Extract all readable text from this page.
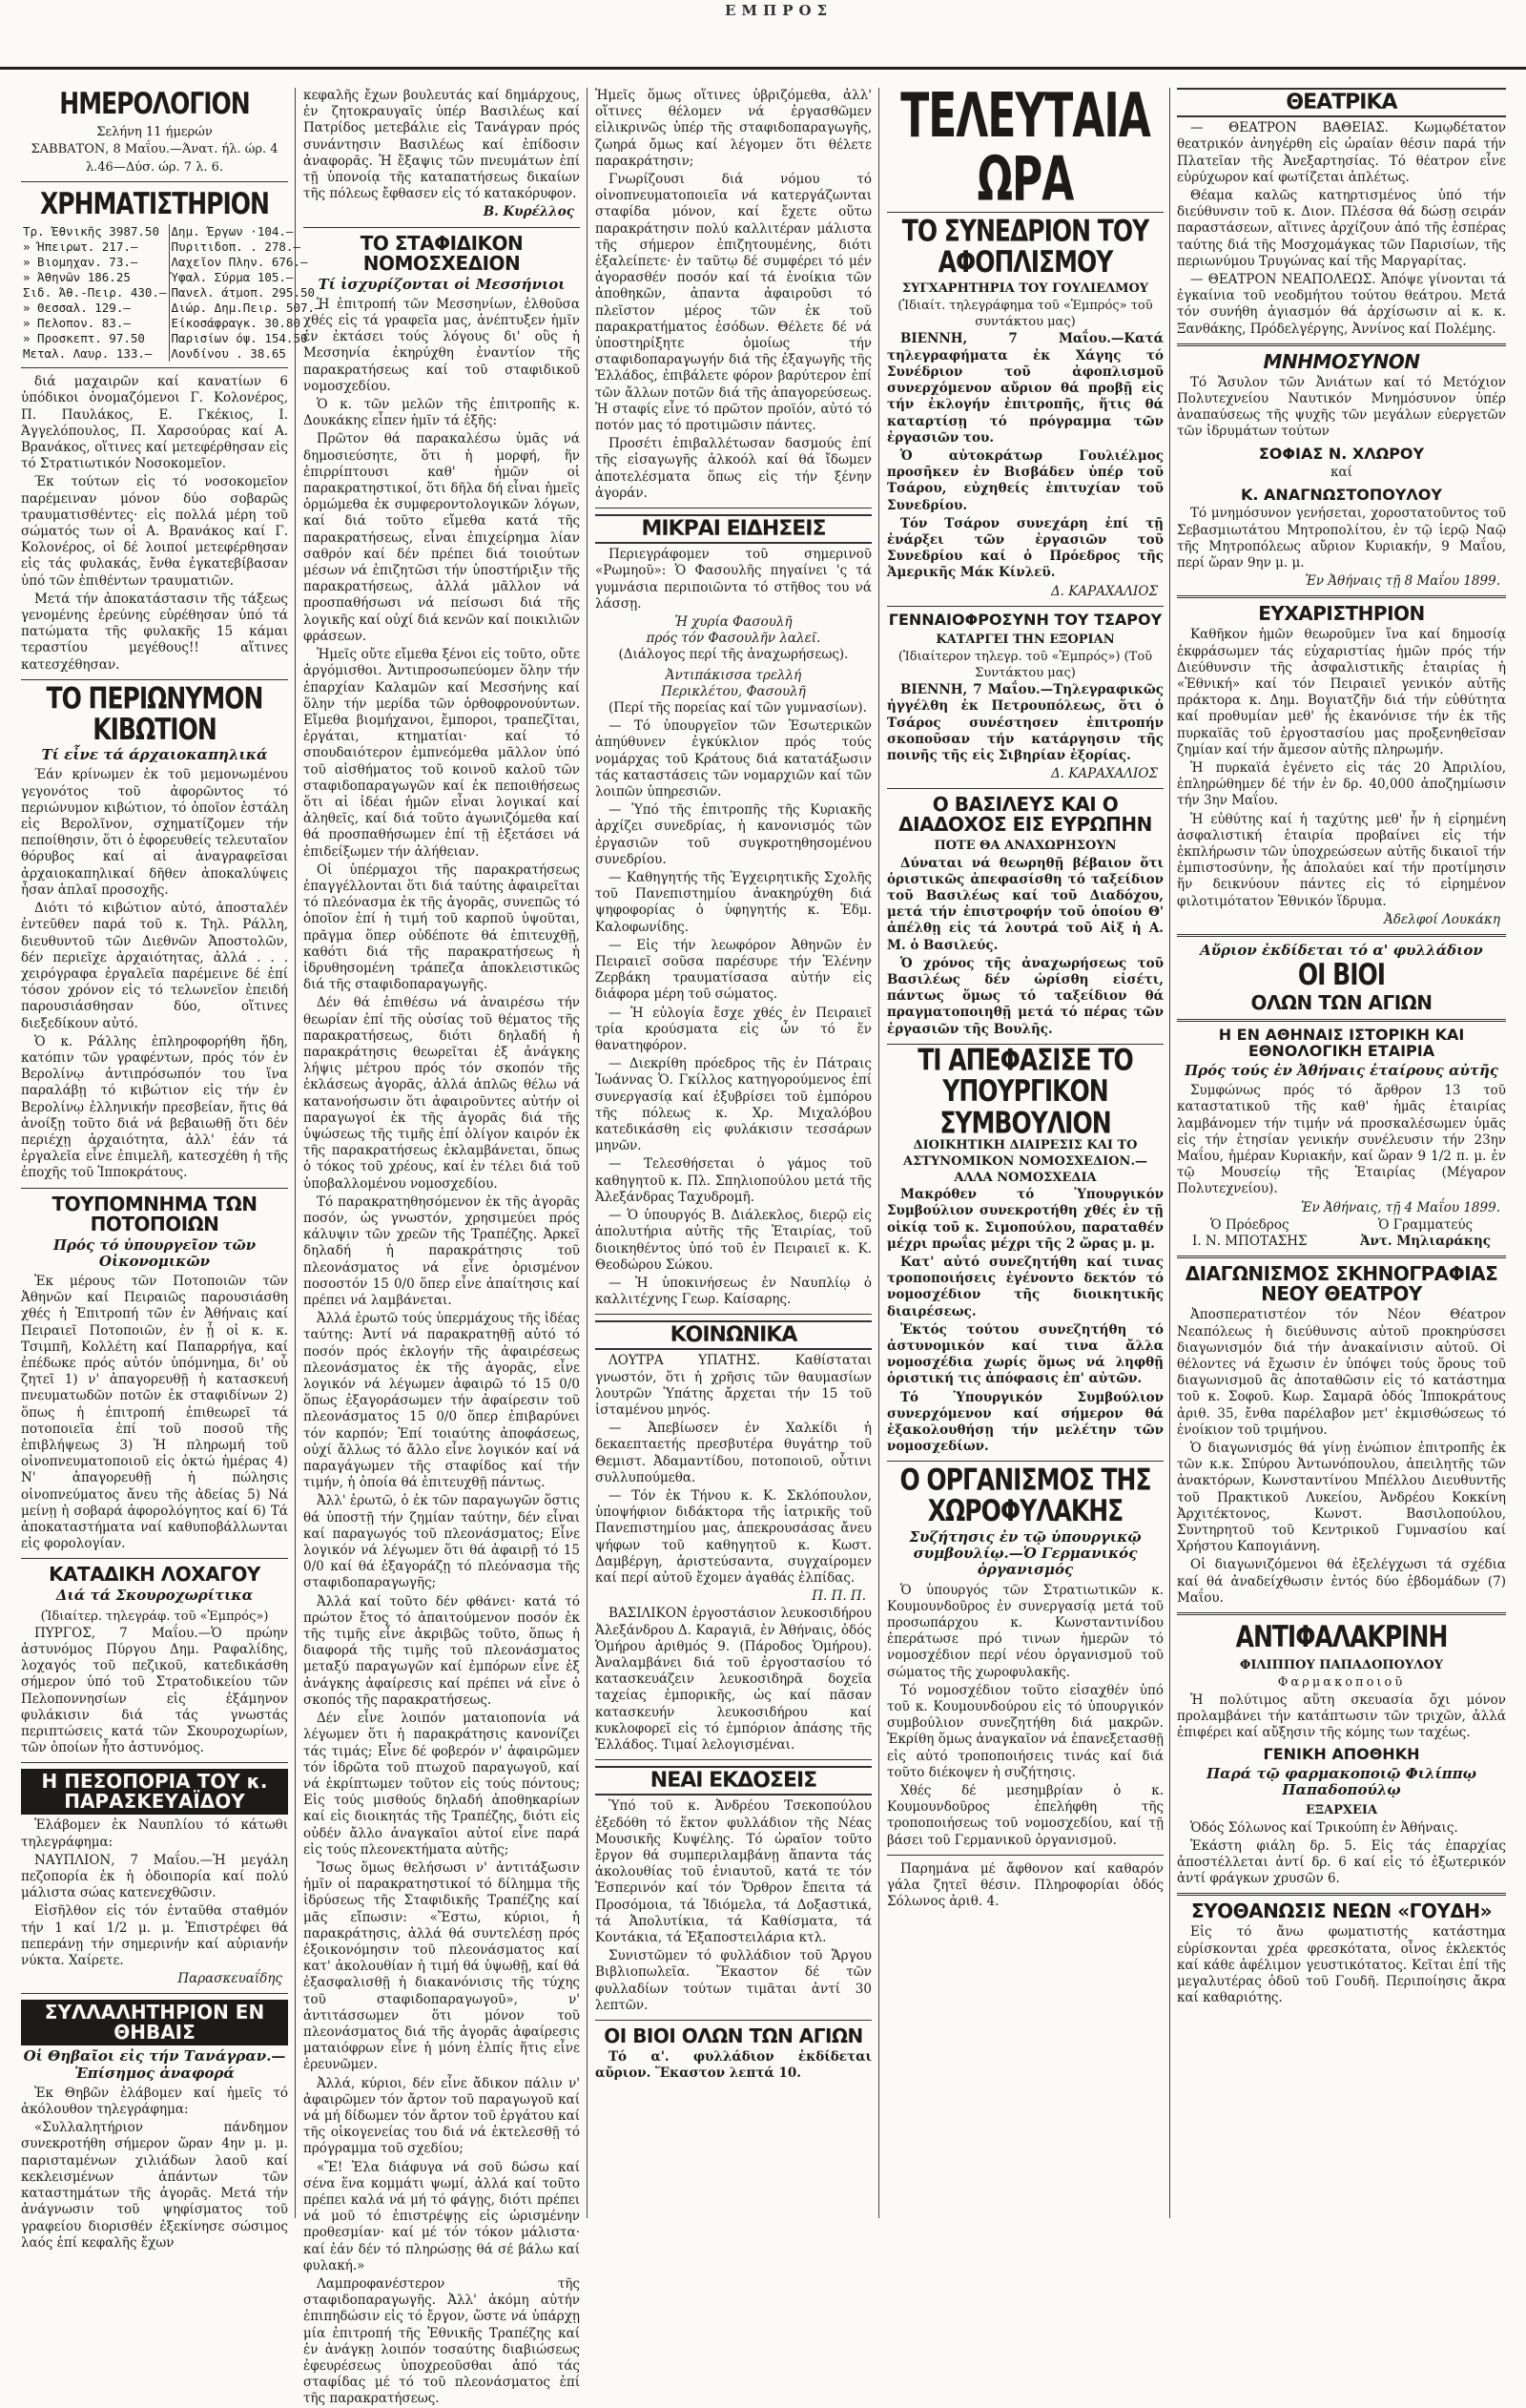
ΕΜΠΡΟΣ
ΗΜΕΡΟΛΟΓΙΟΝ
Σελήνη 11 ήμερών
ΣΑΒΒΑΤΟΝ, 8 Μαΐου.—Άνατ. ήλ. ώρ. 4
λ.46—Δύσ. ώρ. 7 λ. 6.
ΧΡΗΜΑΤΙΣΤΗΡΙΟΝ
Τρ. Έθνικῆς 3987.50	Δημ. Έργων ·104.—
» Ήπειρωτ. 217.—	Πυριτιδοπ. . 278.—
» Βιομηχαν. 73.—	Λαχεῖον Πλην. 676.—
» Άθηνῶν 186.25	Ύφαλ. Σύρμα 105.—
Σιδ. Άθ.-Πειρ. 430.—	Πανελ. άτμοπ. 295.50
» Θεσσαλ. 129.—	Διώρ. Δημ.Πειρ. 507.—
» Πελοπον. 83.—	Είκοσάφραγκ. 30.80
» Προσκεπτ. 97.50	Παρισίων όψ. 154.50
Μεταλ. Λαυρ. 133.—	Λονδίνου . 38.65

διά μαχαιρῶν καί κανατίων 6 ὑπόδικοι ὀνομαζόμενοι Γ. Κολονέρος, Π. Παυλάκος, Ε. Γκέκιος, Ι. Άγγελόπουλος, Π. Χαρσούρας καί Α. Βρανάκος, οἵτινες καί μετεφέρθησαν εἰς τό Στρατιωτικόν Νοσοκομεῖον.

Έκ τούτων εἰς τό νοσοκομεῖον παρέμειναν μόνον δύο σοβαρῶς τραυματισθέντες· εἰς πολλά μέρη τοῦ σώματός των οἱ Α. Βρανάκος καί Γ. Κολονέρος, οἱ δέ λοιποί μετεφέρθησαν εἰς τάς φυλακάς, ἔνθα ἐγκατεβίβασαν ὑπό τῶν ἐπιθέντων τραυματιῶν.

Μετά τήν ἀποκατάστασιν τῆς τάξεως γενομένης ἐρεύνης εὑρέθησαν ὑπό τά πατώματα τῆς φυλακῆς 15 κάμαι τεραστίου μεγέθους!! αἵτινες κατεσχέθησαν.

ΤΟ ΠΕΡΙΩΝΥΜΟΝ ΚΙΒΩΤΙΟΝ
Τί εἶνε τά άρχαιοκαπηλικά

Έάν κρίνωμεν ἐκ τοῦ μεμονωμένου γεγονότος τοῦ ἀφορῶντος τό περιώνυμον κιβώτιον, τό ὁποῖον ἐστάλη εἰς Βερολῖνον, σχηματίζομεν τήν πεποίθησιν, ὅτι ὁ ἐφορευθείς τελευταῖον θόρυβος καί αἱ ἀναγραφεῖσαι ἀρχαιοκαπηλικαί δῆθεν ἀποκαλύψεις ἦσαν ἁπλαῖ προσοχῆς.

Διότι τό κιβώτιον αὐτό, ἀποσταλέν ἐντεῦθεν παρά τοῦ κ. Τηλ. Ράλλη, διευθυντοῦ τῶν Διεθνῶν Ἀποστολῶν, δέν περιεῖχε ἀρχαιότητας, ἀλλά . . . χειρόγραφα ἐργαλεῖα παρέμεινε δέ ἐπί τόσον χρόνον εἰς τό τελωνεῖον ἐπειδή παρουσιάσθησαν δύο, οἵτινες διεξεδίκουν αὐτό.

Ὁ κ. Ράλλης ἐπληροφορήθη ἤδη, κατόπιν τῶν γραφέντων, πρός τόν ἐν Βερολίνῳ ἀντιπρόσωπόν του ἵνα παραλάβῃ τό κιβώτιον εἰς τήν ἐν Βερολίνῳ ἑλληνικήν πρεσβείαν, ἥτις θά ἀνοίξῃ τοῦτο διά νά βεβαιωθῇ ὅτι δέν περιέχῃ ἀρχαιότητα, ἀλλ' ἐάν τά ἐργαλεῖα εἶνε ἐπιμελῆ, κατεσχέθη ἡ τῆς ἐποχῆς τοῦ Ἱπποκράτους.

ΤΟΥΠΟΜΝΗΜΑ ΤΩΝ ΠΟΤΟΠΟΙΩΝ
Πρός τό ὑπουργεῖον τῶν Οἰκονομικῶν

Ἐκ μέρους τῶν Ποτοποιῶν τῶν Ἀθηνῶν καί Πειραιῶς παρουσιάσθη χθές ἡ Ἐπιτροπή τῶν ἐν Ἀθήναις καί Πειραιεῖ Ποτοποιῶν, ἐν ᾗ οἱ κ. κ. Τσιμπῆ, Κολλέτη καί Παπαρρήγα, καί ἐπέδωκε πρός αὐτόν ὑπόμνημα, δι' οὗ ζητεῖ 1) ν' ἀπαγορευθῇ ἡ κατασκευή πνευματωδῶν ποτῶν ἐκ σταφιδίνων 2) ὅπως ἡ ἐπιτροπή ἐπιθεωρεῖ τά ποτοποιεῖα ἐπί τοῦ ποσοῦ τῆς ἐπιβλήψεως 3) Ἡ πληρωμή τοῦ οἰνοπνευματοποιοῦ εἰς ὀκτώ ἡμέρας 4) Ν' ἀπαγορευθῇ ἡ πώλησις οἰνοπνεύματος ἄνευ τῆς ἀδείας 5) Νά μείνῃ ἡ σοβαρά ἀφορολόγητος καί 6) Τά ἀποκαταστήματα ναί καθυποβάλλωνται εἰς φορολογίαν.

ΚΑΤΑΔΙΚΗ ΛΟΧΑΓΟΥ
Διά τά Σκουροχωρίτικα
(Ἰδιαίτερ. τηλεγράφ. τοῦ «Ἐμπρός»)

ΠΥΡΓΟΣ, 7 Μαΐου.—Ὁ πρώην ἀστυνόμος Πύργου Δημ. Ραφαλίδης, λοχαγός τοῦ πεζικοῦ, κατεδικάσθη σήμερον ὑπό τοῦ Στρατοδικείου τῶν Πελοποννησίων εἰς ἐξάμηνον φυλάκισιν διά τάς γνωστάς περιπτώσεις κατά τῶν Σκουροχωρίων, τῶν ὁποίων ἧτο ἀστυνόμος.

Η ΠΕΣΟΠΟΡΙΑ ΤΟΥ κ. ΠΑΡΑΣΚΕΥΑΪΔΟΥ

Ἐλάβομεν ἐκ Ναυπλίου τό κάτωθι τηλεγράφημα:

ΝΑΥΠΛΙΟΝ, 7 Μαΐου.—Ἡ μεγάλη πεζοπορία ἐκ ἡ ὁδοιπορία καί πολύ μάλιστα σώας κατενεχθῶσιν.

Εἰσῆλθον εἰς τόν ἐνταῦθα σταθμόν τήν 1 καί 1/2 μ. μ. Ἐπιστρέφει θά πεπεράνῃ τήν σημερινήν καί αὐριανήν νύκτα. Χαίρετε.

Παρασκευαΐδης
ΣΥΛΛΑΛΗΤΗΡΙΟΝ ΕΝ ΘΗΒΑΙΣ
Οἱ Θηβαῖοι εἰς τήν Τανάγραν.—Ἐπίσημος ἀναφορά

Ἐκ Θηβῶν ἐλάβομεν καί ἡμεῖς τό ἀκόλουθον τηλεγράφημα:

«Συλλαλητήριον πάνδημον συνεκροτήθη σήμερον ὥραν 4ην μ. μ. παρισταμένων χιλιάδων λαοῦ καί κεκλεισμένων ἁπάντων τῶν καταστημάτων τῆς ἀγορᾶς. Μετά τήν ἀνάγνωσιν τοῦ ψηφίσματος τοῦ γραφείου διορισθέν ἐξεκίνησε σώσιμος λαός ἐπί κεφαλῆς ἔχων

κεφαλῆς ἔχων βουλευτάς καί δημάρχους, ἐν ζητοκραυγαῖς ὑπέρ Βασιλέως καί Πατρίδος μετεβάλιε εἰς Τανάγραν πρός συνάντησιν Βασιλέως καί ἐπίδοσιν ἀναφορᾶς. Ἡ ἔξαψις τῶν πνευμάτων ἐπί τῇ ὑπονοίᾳ τῆς καταπατήσεως δικαίων τῆς πόλεως ἔφθασεν εἰς τό κατακόρυφον.

Β. Κυρέλλος
ΤΟ ΣΤΑΦΙΔΙΚΟΝ ΝΟΜΟΣΧΕΔΙΟΝ
Τί ἰσχυρίζονται οἱ Μεσσήνιοι

Ἡ ἐπιτροπή τῶν Μεσσηνίων, ἐλθοῦσα χθές εἰς τά γραφεῖα μας, ἀνέπτυξεν ἡμῖν ἐν ἐκτάσει τούς λόγους δι' οὓς ἡ Μεσσηνία ἐκηρύχθη ἐναντίον τῆς παρακρατήσεως καί τοῦ σταφιδικοῦ νομοσχεδίου.

Ὁ κ. τῶν μελῶν τῆς ἐπιτροπῆς κ. Δουκάκης εἶπεν ἡμῖν τά ἑξῆς:

Πρῶτον θά παρακαλέσω ὑμᾶς νά δημοσιεύσητε, ὅτι ἡ μορφή, ἥν ἐπιρρίπτουσι καθ' ἡμῶν οἱ παρακρατηστικοί, ὅτι δῆλα δή εἶναι ἡμεῖς ὁρμώμεθα ἐκ συμφεροντολογικῶν λόγων, καί διά τοῦτο εἴμεθα κατά τῆς παρακρατήσεως, εἶναι ἐπιχείρημα λίαν σαθρόν καί δέν πρέπει διά τοιούτων μέσων νά ἐπιζητῶσι τήν ὑποστήριξιν τῆς παρακρατήσεως, ἀλλά μᾶλλον νά προσπαθήσωσι νά πείσωσι διά τῆς λογικῆς καί οὐχί διά κενῶν καί ποικιλιῶν φράσεων.

Ἡμεῖς οὔτε εἴμεθα ξένοι εἰς τοῦτο, οὔτε ἀργόμισθοι. Ἀντιπροσωπεύομεν ὅλην τήν ἐπαρχίαν Καλαμῶν καί Μεσσήνης καί ὅλην τήν μερίδα τῶν ὀρθοφρονούντων. Εἴμεθα βιομήχανοι, ἔμποροι, τραπεζῖται, ἐργάται, κτηματίαι· καί τό σπουδαιότερον ἐμπνεόμεθα μᾶλλον ὑπό τοῦ αἰσθήματος τοῦ κοινοῦ καλοῦ τῶν σταφιδοπαραγωγῶν καί ἐκ πεποιθήσεως ὅτι αἱ ἰδέαι ἡμῶν εἶναι λογικαί καί ἀληθεῖς, καί διά τοῦτο ἀγωνιζόμεθα καί θά προσπαθήσωμεν ἐπί τῇ ἐξετάσει νά ἐπιδείξωμεν τήν ἀλήθειαν.

Οἱ ὑπέρμαχοι τῆς παρακρατήσεως ἐπαγγέλλονται ὅτι διά ταύτης ἀφαιρεῖται τό πλεόνασμα ἐκ τῆς ἀγορᾶς, συνεπῶς τό ὁποῖον ἐπί ἡ τιμή τοῦ καρποῦ ὑψοῦται, πρᾶγμα ὅπερ οὐδέποτε θά ἐπιτευχθῇ, καθότι διά τῆς παρακρατήσεως ἡ ἱδρυθησομένη τράπεζα ἀποκλειστικῶς διά τῆς σταφιδοπαραγωγῆς.

Δέν θά ἐπιθέσω νά ἀναιρέσω τήν θεωρίαν ἐπί τῆς οὐσίας τοῦ θέματος τῆς παρακρατήσεως, διότι δηλαδή ἡ παρακράτησις θεωρεῖται ἐξ ἀνάγκης λήψις μέτρου πρός τόν σκοπόν τῆς ἐκλάσεως ἀγορᾶς, ἀλλά ἁπλῶς θέλω νά κατανοήσωσιν ὅτι ἀφαιροῦντες αὐτήν οἱ παραγωγοί ἐκ τῆς ἀγορᾶς διά τῆς ὑψώσεως τῆς τιμῆς ἐπί ὀλίγον καιρόν ἐκ τῆς παρακρατήσεως ἐκλαμβάνεται, ὅπως ὁ τόκος τοῦ χρέους, καί ἐν τέλει διά τοῦ ὑποβαλλομένου νομοσχεδίου.

Τό παρακρατηθησόμενον ἐκ τῆς ἀγορᾶς ποσόν, ὡς γνωστόν, χρησιμεύει πρός κάλυψιν τῶν χρεῶν τῆς Τραπέζης. Ἀρκεῖ δηλαδή ἡ παρακράτησις τοῦ πλεονάσματος νά εἶνε ὁρισμένον ποσοστόν 15 0/0 ὅπερ εἶνε ἀπαίτησις καί πρέπει νά λαμβάνεται.

Ἀλλά ἐρωτῶ τούς ὑπερμάχους τῆς ἰδέας ταύτης: Ἀντί νά παρακρατηθῇ αὐτό τό ποσόν πρός ἐκλογήν τῆς ἀφαιρέσεως πλεονάσματος ἐκ τῆς ἀγορᾶς, εἶνε λογικόν νά λέγωμεν ἀφαιρῶ τό 15 0/0 ὅπως ἐξαγοράσωμεν τήν ἀφαίρεσιν τοῦ πλεονάσματος 15 0/0 ὅπερ ἐπιβαρύνει τόν καρπόν; Ἐπί τοιαύτης ἀποφάσεως, οὐχί ἄλλως τό ἄλλο εἶνε λογικόν καί νά παραγάγωμεν τῆς σταφίδος καί τήν τιμήν, ἡ ὁποία θά ἐπιτευχθῇ πάντως.

Ἀλλ' ἐρωτῶ, ὁ ἐκ τῶν παραγωγῶν ὅστις θά ὑποστῇ τήν ζημίαν ταύτην, δέν εἶναι καί παραγωγός τοῦ πλεονάσματος; Εἶνε λογικόν νά λέγωμεν ὅτι θά ἀφαιρῇ τό 15 0/0 καί θά ἐξαγοράζῃ τό πλεόνασμα τῆς σταφιδοπαραγωγῆς;

Ἀλλά καί τοῦτο δέν φθάνει· κατά τό πρώτον ἔτος τό ἀπαιτούμενον ποσόν ἐκ τῆς τιμῆς εἶνε ἀκριβῶς τοῦτο, ὅπως ἡ διαφορά τῆς τιμῆς τοῦ πλεονάσματος μεταξύ παραγωγῶν καί ἐμπόρων εἶνε ἐξ ἀνάγκης ἀφαίρεσις καί πρέπει νά εἶνε ὁ σκοπός τῆς παρακρατήσεως.

Δέν εἶνε λοιπόν ματαιοπονία νά λέγωμεν ὅτι ἡ παρακράτησις κανονίζει τάς τιμάς; Εἶνε δέ φοβερόν ν' ἀφαιρῶμεν τόν ἱδρῶτα τοῦ πτωχοῦ παραγωγοῦ, καί νά ἐκρίπτωμεν τοῦτον εἰς τούς πόντους; Εἰς τούς μισθούς δηλαδή ἀποθηκαρίων καί εἰς διοικητάς τῆς Τραπέζης, διότι εἰς οὐδέν ἄλλο ἀναγκαῖοι αὐτοί εἶνε παρά εἰς τούς πλεονεκτήματα αὐτῆς;

Ἴσως ὅμως θελήσωσι ν' ἀντιτάξωσιν ἡμῖν οἱ παρακρατηστικοί τό δίλημμα τῆς ἱδρύσεως τῆς Σταφιδικῆς Τραπέζης καί μᾶς εἴπωσιν: «Ἔστω, κύριοι, ἡ παρακράτησις, ἀλλά θά συντελέσῃ πρός ἐξοικονόμησιν τοῦ πλεονάσματος καί κατ' ἀκολουθίαν ἡ τιμή θά ὑψωθῇ, καί θά ἐξασφαλισθῇ ἡ διακανόνισις τῆς τύχης τοῦ σταφιδοπαραγωγοῦ», ν' ἀντιτάσσωμεν ὅτι μόνον τοῦ πλεονάσματος διά τῆς ἀγορᾶς ἀφαίρεσις ματαιόφρων εἶνε ἡ μόνη ἐλπίς ἥτις εἶνε ἐρευνῶμεν.

Ἀλλά, κύριοι, δέν εἶνε ἄδικον πάλιν ν' ἀφαιρῶμεν τόν ἄρτον τοῦ παραγωγοῦ καί νά μή δίδωμεν τόν ἄρτον τοῦ ἐργάτου καί τῆς οἰκογενείας του διά νά ἐκτελεσθῇ τό πρόγραμμα τοῦ σχεδίου;

«Ἔ! Ἐλα διάφυγα νά σοῦ δώσω καί σένα ἕνα κομμάτι ψωμί, ἀλλά καί τοῦτο πρέπει καλά νά μή τό φάγῃς, διότι πρέπει νά μοῦ τό ἐπιστρέψῃς εἰς ὡρισμένην προθεσμίαν· καί μέ τόν τόκον μάλιστα· καί ἐάν δέν τό πληρώσῃς θά σέ βάλω καί φυλακή.»

Λαμπροφανέστερον τῆς σταφιδοπαραγωγῆς. Ἀλλ' ἀκόμη αὐτήν ἐπιπηδώσιν εἰς τό ἔργον, ὥστε νά ὑπάρχῃ μία ἐπιτροπή τῆς Ἐθνικῆς Τραπέζης καί ἐν ἀνάγκῃ λοιπόν τοσαύτης διαβιώσεως ἐφευρέσεως ὑποχρεοῦσθαι ἀπό τάς σταφίδας μέ τό τοῦ πλεονάσματος ἐπί τῆς παρακρατήσεως.

Ἡμεῖς ὅμως οἵτινες ὑβριζόμεθα, ἀλλ' οἵτινες θέλομεν νά ἐργασθῶμεν εἰλικρινῶς ὑπέρ τῆς σταφιδοπαραγωγῆς, ζωηρά ὄμως καί λέγομεν ὅτι θέλετε παρακράτησιν;

Γνωρίζουσι διά νόμου τό οἰνοπνευματοποιεῖα νά κατεργάζωνται σταφίδα μόνον, καί ἔχετε οὕτω παρακράτησιν πολύ καλλιτέραν μάλιστα τῆς σήμερον ἐπιζητουμένης, διότι ἐξαλείπετε· ἐν ταῦτῳ δέ συμφέρει τό μέν ἀγορασθέν ποσόν καί τά ἐνοίκια τῶν ἀποθηκῶν, ἀπαντα ἀφαιροῦσι τό πλεῖστον μέρος τῶν ἐκ τοῦ παρακρατήματος ἐσόδων. Θέλετε δέ νά ὑποστηρίξητε ὁμοίως τήν σταφιδοπαραγωγήν διά τῆς ἐξαγωγῆς τῆς Ἑλλάδος, ἐπιβάλετε φόρον βαρύτερον ἐπί τῶν ἄλλων ποτῶν διά τῆς ἀπαγορεύσεως. Ἡ σταφίς εἶνε τό πρῶτον προϊόν, αὐτό τό ποτόν μας τό προτιμῶσιν πάντες.

Προσέτι ἐπιβαλλέτωσαν δασμούς ἐπί τῆς εἰσαγωγῆς ἀλκοόλ καί θά ἴδωμεν ἀποτελέσματα ὅπως εἰς τήν ξένην ἀγοράν.

ΜΙΚΡΑΙ ΕΙΔΗΣΕΙΣ

Περιεγράφομεν τοῦ σημερινοῦ «Ρωμηοῦ»: Ὁ Φασουλῆς πηγαίνει 'ς τά γυμνάσια περιποιῶντα τό στῆθος του νά λάσσῃ.

Ἡ χυρία Φασουλῆ
πρός τόν Φασουλῆν λαλεῖ.
(Διάλογος περί τῆς ἀναχωρήσεως).
Ἀντιπάκισσα τρελλή
Περικλέτου, Φασουλῆ

(Περί τῆς πορείας καί τῶν γυμνασίων).

— Τό ὑπουργεῖον τῶν Ἐσωτερικῶν ἀπηύθυνεν ἐγκύκλιον πρός τούς νομάρχας τοῦ Κράτους διά κατατάξωσιν τάς καταστάσεις τῶν νομαρχιῶν καί τῶν λοιπῶν ὑπηρεσιῶν.

— Ὑπό τῆς ἐπιτροπῆς τῆς Κυριακῆς ἀρχίζει συνεδρίας, ἡ κανονισμός τῶν ἐργασιῶν τοῦ συγκροτηθησομένου συνεδρίου.

— Καθηγητής τῆς Ἐγχειρητικῆς Σχολῆς τοῦ Πανεπιστημίου ἀνακηρύχθη διά ψηφοφορίας ὁ ὑφηγητής κ. Ἐδμ. Καλοφωνίδης.

— Εἰς τήν λεωφόρον Ἀθηνῶν ἐν Πειραιεῖ σοῦσα παρέσυρε τήν Ἑλένην Ζερβάκη τραυματίσασα αὐτήν εἰς διάφορα μέρη τοῦ σώματος.

— Ἡ εὐλογία ἔσχε χθές ἐν Πειραιεῖ τρία κρούσματα εἰς ὧν τό ἕν θανατηφόρον.

— Διεκρίθη πρόεδρος τῆς ἐν Πάτραις Ἰωάννας Ὁ. Γκίλλος κατηγορούμενος ἐπί συνεργασίᾳ καί ἐξυβρίσει τοῦ ἐμπόρου τῆς πόλεως κ. Χρ. Μιχαλόβου κατεδικάσθη εἰς φυλάκισιν τεσσάρων μηνῶν.

— Τελεσθήσεται ὁ γάμος τοῦ καθηγητοῦ κ. Πλ. Σπηλιοπούλου μετά τῆς Ἀλεξάνδρας Ταχυδρομῆ.

— Ὁ ὑπουργός Β. Διάλεκλος, διερῷ εἰς ἀπολυτήρια αὐτῆς τῆς Ἐταιρίας, τοῦ διοικηθέντος ὑπό τοῦ ἐν Πειραιεῖ κ. Κ. Θεοδώρου Σώκου.

— Ἡ ὑποκινήσεως ἐν Ναυπλίῳ ὁ καλλιτέχνης Γεωρ. Καίσαρης.

ΚΟΙΝΩΝΙΚΑ

ΛΟΥΤΡΑ ΥΠΑΤΗΣ. Καθίσταται γνωστόν, ὅτι ἡ χρῆσις τῶν θαυμασίων λουτρῶν Ὑπάτης ἄρχεται τήν 15 τοῦ ἱσταμένου μηνός.

— Ἀπεβίωσεν ἐν Χαλκίδι ἡ δεκαεπταετής πρεσβυτέρα θυγάτηρ τοῦ Θεμιστ. Ἀδαμαντίδου, ποτοποιοῦ, οὗτινι συλλυπούμεθα.

— Τόν ἐκ Τήνου κ. Κ. Σκλόπουλον, ὑποψήφιον διδάκτορα τῆς ἰατρικῆς τοῦ Πανεπιστημίου μας, ἀπεκρουσάσας ἄνευ ψήφων τοῦ καθηγητοῦ κ. Κωστ. Δαμβέργη, ἀριστεύσαντα, συγχαίρομεν καί περί αὐτοῦ ἔχομεν ἀγαθάς ἐλπίδας.

Π. Π. Π.

ΒΑΣΙΛΙΚΟΝ ἐργοστάσιον λευκοσιδήρου Ἀλεξάνδρου Δ. Καραγιᾶ, ἐν Ἀθήναις, ὁδός Ὁμήρου ἀριθμός 9. (Πάροδος Ὁμήρου). Ἀναλαμβάνει διά τοῦ ἐργοστασίου τό κατασκευάζειν λευκοσιδηρᾶ δοχεῖα ταχείας ἐμπορικῆς, ὡς καί πᾶσαν κατασκευήν λευκοσιδήρου καί κυκλοφορεῖ εἰς τό ἐμπόριον ἀπάσης τῆς Ἑλλάδος. Τιμαί λελογισμέναι.

ΝΕΑΙ ΕΚΔΟΣΕΙΣ

Ὑπό τοῦ κ. Ἀνδρέου Τσεκοπούλου ἐξεδόθη τό ἕκτον φυλλάδιον τῆς Νέας Μουσικῆς Κυψέλης. Τό ὡραῖον τοῦτο ἔργον θά συμπεριλαμβάνῃ ἅπαντα τάς ἀκολουθίας τοῦ ἐνιαυτοῦ, κατά τε τόν Ἑσπερινόν καί τόν Ὄρθρον ἔπειτα τά Προσόμοια, τά Ἰδιόμελα, τά Δοξαστικά, τά Ἀπολυτίκια, τά Καθίσματα, τά Κοντάκια, τά Ἐξαποστειλάρια κτλ.

Συνιστῶμεν τό φυλλάδιον τοῦ Ἄργου Βιβλιοπωλεῖα. Ἕκαστον δέ τῶν φυλλαδίων τούτων τιμᾶται ἀντί 30 λεπτῶν.

ΟΙ ΒΙΟΙ ΟΛΩΝ ΤΩΝ ΑΓΙΩΝ

Τό α'. φυλλάδιον ἐκδίδεται αὔριον. Ἕκαστον λεπτά 10.

ΤΕΛΕΥΤΑΙΑ ΩΡΑ
ΤΟ ΣΥΝΕΔΡΙΟΝ ΤΟΥ ΑΦΟΠΛΙΣΜΟΥ
ΣΥΓΧΑΡΗΤΗΡΙΑ ΤΟΥ ΓΟΥΛΙΕΛΜΟΥ
(Ἰδιαίτ. τηλεγράφημα τοῦ «Ἐμπρός» τοῦ συντάκτου μας)

ΒΙΕΝΝΗ, 7 Μαΐου.—Κατά τηλεγραφήματα ἐκ Χάγης τό Συνέδριον τοῦ ἀφοπλισμοῦ συνερχόμενον αὔριον θά προβῇ εἰς τήν ἐκλογήν ἐπιτροπῆς, ἥτις θά καταρτίσῃ τό πρόγραμμα τῶν ἐργασιῶν του.

Ὁ αὐτοκράτωρ Γουλιέλμος προσῆκεν ἐν Βισβάδεν ὑπέρ τοῦ Τσάρου, εὐχηθείς ἐπιτυχίαν τοῦ Συνεδρίου.

Τόν Τσάρον συνεχάρη ἐπί τῇ ἐνάρξει τῶν ἐργασιῶν τοῦ Συνεδρίου καί ὁ Πρόεδρος τῆς Ἀμερικῆς Μάκ Κίνλεϋ.

Δ. ΚΑΡΑΧΑΛΙΟΣ
ΓΕΝΝΑΙΟΦΡΟΣΥΝΗ ΤΟΥ ΤΣΑΡΟΥ
ΚΑΤΑΡΓΕΙ ΤΗΝ ΕΞΟΡΙΑΝ
(Ἰδιαίτερον τηλεγρ. τοῦ «Ἐμπρός») (Τοῦ Συντάκτου μας)

ΒΙΕΝΝΗ, 7 Μαΐου.—Τηλεγραφικῶς ἠγγέλθη ἐκ Πετρουπόλεως, ὅτι ὁ Τσάρος συνέστησεν ἐπιτροπήν σκοποῦσαν τήν κατάργησιν τῆς ποινῆς τῆς εἰς Σιβηρίαν ἐξορίας.

Δ. ΚΑΡΑΧΑΛΙΟΣ
Ο ΒΑΣΙΛΕΥΣ ΚΑΙ Ο ΔΙΑΔΟΧΟΣ ΕΙΣ ΕΥΡΩΠΗΝ
ΠΟΤΕ ΘΑ ΑΝΑΧΩΡΗΣΟΥΝ

Δύναται νά θεωρηθῇ βέβαιον ὅτι ὁριστικῶς ἀπεφασίσθη τό ταξείδιον τοῦ Βασιλέως καί τοῦ Διαδόχου, μετά τήν ἐπιστροφήν τοῦ ὁποίου Θ' ἀπέλθῃ εἰς τά λουτρά τοῦ Αἰξ ἡ Α. Μ. ὁ Βασιλεύς.

Ὁ χρόνος τῆς ἀναχωρήσεως τοῦ Βασιλέως δέν ὡρίσθη εἰσέτι, πάντως ὅμως τό ταξείδιον θά πραγματοποιηθῇ μετά τό πέρας τῶν ἐργασιῶν τῆς Βουλῆς.

ΤΙ ΑΠΕΦΑΣΙΣΕ ΤΟ ΥΠΟΥΡΓΙΚΟΝ ΣΥΜΒΟΥΛΙΟΝ
ΔΙΟΙΚΗΤΙΚΗ ΔΙΑΙΡΕΣΙΣ ΚΑΙ ΤΟ ΑΣΤΥΝΟΜΙΚΟΝ ΝΟΜΟΣΧΕΔΙΟΝ.—ΑΛΛΑ ΝΟΜΟΣΧΕΔΙΑ

Μακρόθεν τό Ὑπουργικόν Συμβούλιον συνεκροτήθη χθές ἐν τῇ οἰκίᾳ τοῦ κ. Σιμοπούλου, παραταθέν μέχρι πρωΐας μέχρι τῆς 2 ὥρας μ. μ.

Κατ' αὐτό συνεζητήθη καί τινας τροποποιήσεις ἐγένοντο δεκτόν τό νομοσχέδιον τῆς διοικητικῆς διαιρέσεως.

Ἐκτός τούτου συνεζητήθη τό ἀστυνομικόν καί τινα ἄλλα νομοσχέδια χωρίς ὅμως νά ληφθῇ ὁριστική τις ἀπόφασις ἐπ' αὐτῶν.

Τό Ὑπουργικόν Συμβούλιον συνερχόμενον καί σήμερον θά ἐξακολουθήσῃ τήν μελέτην τῶν νομοσχεδίων.

Ο ΟΡΓΑΝΙΣΜΟΣ ΤΗΣ ΧΩΡΟΦΥΛΑΚΗΣ
Συζήτησις ἐν τῷ ὑπουργικῷ συμβουλίῳ.—Ὁ Γερμανικός ὀργανισμός

Ὁ ὑπουργός τῶν Στρατιωτικῶν κ. Κουμουνδοῦρος ἐν συνεργασίᾳ μετά τοῦ προσωπάρχου κ. Κωνσταντινίδου ἐπεράτωσε πρό τινων ἡμερῶν τό νομοσχέδιον περί νέου ὀργανισμοῦ τοῦ σώματος τῆς χωροφυλακῆς.

Τό νομοσχέδιον τοῦτο εἰσαχθέν ὑπό τοῦ κ. Κουμουνδούρου εἰς τό ὑπουργικόν συμβούλιον συνεζητήθη διά μακρῶν. Ἐκρίθη ὅμως ἀναγκαῖον νά ἐπανεξετασθῇ εἰς αὐτό τροποποιήσεις τινάς καί διά τοῦτο διέκοψεν ἡ συζήτησις.

Χθές δέ μεσημβρίαν ὁ κ. Κουμουνδοῦρος ἐπελήφθη τῆς τροποποιήσεως τοῦ νομοσχεδίου, καί τῇ βάσει τοῦ Γερμανικοῦ ὀργανισμοῦ.

Παρημάνα μέ ἄφθονον καί καθαρόν γάλα ζητεῖ θέσιν. Πληροφορίαι ὁδός Σόλωνος ἀριθ. 4.

ΘΕΑΤΡΙΚΑ

— ΘΕΑΤΡΟΝ ΒΑΘΕΙΑΣ. Κωμῳδέτατον θεατρικόν ἀνηγέρθη εἰς ὡραίαν θέσιν παρά τήν Πλατεῖαν τῆς Ἀνεξαρτησίας. Τό θέατρον εἶνε εὐρύχωρον καί φωτίζεται ἀπλέτως.

Θέαμα καλῶς κατηρτισμένος ὑπό τήν διεύθυνσιν τοῦ κ. Διον. Πλέσσα θά δώσῃ σειράν παραστάσεων, αἵτινες ἀρχίζουν ἀπό τῆς ἑσπέρας ταύτης διά τῆς Μοσχομάγκας τῶν Παρισίων, τῆς περιωνύμου Τρυγώνας καί τῆς Μαργαρίτας.

— ΘΕΑΤΡΟΝ ΝΕΑΠΟΛΕΩΣ. Ἀπόψε γίνονται τά ἐγκαίνια τοῦ νεοδμήτου τούτου θεάτρου. Μετά τόν συνήθη ἁγιασμόν θά ἀρχίσωσιν αἱ κ. κ. Ξανθάκης, Πρόδελγέργης, Ἀννίνος καί Πολέμης.

ΜΝΗΜΟΣΥΝΟΝ

Τό Ἄσυλον τῶν Ἀνιάτων καί τό Μετόχιον Πολυτεχνείου Ναυτικόν Μνημόσυνον ὑπέρ ἀναπαύσεως τῆς ψυχῆς τῶν μεγάλων εὐεργετῶν τῶν ἱδρυμάτων τούτων

ΣΟΦΙΑΣ Ν. ΧΛΩΡΟΥ
καί
Κ. ΑΝΑΓΝΩΣΤΟΠΟΥΛΟΥ

Τό μνημόσυνον γενήσεται, χοροστατοῦντος τοῦ Σεβασμιωτάτου Μητροπολίτου, ἐν τῷ ἱερῷ Ναῷ τῆς Μητροπόλεως αὔριον Κυριακήν, 9 Μαΐου, περί ὥραν 9ην μ. μ.

Ἐν Ἀθήναις τῇ 8 Μαΐου 1899.
ΕΥΧΑΡΙΣΤΗΡΙΟΝ

Καθῆκον ἡμῶν θεωροῦμεν ἵνα καί δημοσίᾳ ἐκφράσωμεν τάς εὐχαριστίας ἡμῶν πρός τήν Διεύθυνσιν τῆς ἀσφαλιστικῆς ἑταιρίας ἡ «Ἐθνική» καί τόν Πειραιεῖ γενικόν αὐτῆς πράκτορα κ. Δημ. Βογιατζῆν διά τήν εὐθύτητα καί προθυμίαν μεθ' ἧς ἐκανόνισε τήν ἐκ τῆς πυρκαϊᾶς τοῦ ἐργοστασίου μας προξενηθεῖσαν ζημίαν καί τήν ἄμεσον αὐτῆς πληρωμήν.

Ἡ πυρκαϊά ἐγένετο εἰς τάς 20 Ἀπριλίου, ἐπληρώθημεν δέ τήν ἐν δρ. 40,000 ἀποζημίωσιν τήν 3ην Μαΐου.

Ἡ εὐθύτης καί ἡ ταχύτης μεθ' ἧν ἡ εἰρημένη ἀσφαλιστική ἑταιρία προβαίνει εἰς τήν ἐκπλήρωσιν τῶν ὑποχρεώσεων αὐτῆς δικαιοῖ τήν ἐμπιστοσύνην, ἧς ἀπολαύει καί τήν προτίμησιν ἥν δεικνύουν πάντες εἰς τό εἰρημένον φιλοτιμότατον Ἐθνικόν ἵδρυμα.

Ἀδελφοί Λουκάκη
Αὔριον ἐκδίδεται τό α' φυλλάδιον
ΟΙ ΒΙΟΙ
ΟΛΩΝ ΤΩΝ ΑΓΙΩΝ
Η ΕΝ ΑΘΗΝΑΙΣ ΙΣΤΟΡΙΚΗ ΚΑΙ ΕΘΝΟΛΟΓΙΚΗ ΕΤΑΙΡΙΑ
Πρός τούς ἐν Ἀθήναις ἑταίρους αὐτῆς

Συμφώνως πρός τό ἄρθρον 13 τοῦ καταστατικοῦ τῆς καθ' ἡμᾶς ἑταιρίας λαμβάνομεν τήν τιμήν νά προσκαλέσωμεν ὑμᾶς εἰς τήν ἐτησίαν γενικήν συνέλευσιν τήν 23ην Μαΐου, ἡμέραν Κυριακήν, καί ὥραν 9 1/2 π. μ. ἐν τῷ Μουσείῳ τῆς Ἑταιρίας (Μέγαρον Πολυτεχνείου).

Ἐν Ἀθήναις, τῇ 4 Μαΐου 1899.
Ὁ Πρόεδρος
Ι. Ν. ΜΠΟΤΑΣΗΣ
Ὁ Γραμματεύς
Ἀντ. Μηλιαράκης
ΔΙΑΓΩΝΙΣΜΟΣ ΣΚΗΝΟΓΡΑΦΙΑΣ ΝΕΟΥ ΘΕΑΤΡΟΥ

Ἀποσπερατιστέον τόν Νέον Θέατρον Νεαπόλεως ἡ διεύθυνσις αὐτοῦ προκηρύσσει διαγωνισμόν διά τήν ἀνακαίνισιν αὐτοῦ. Οἱ θέλοντες νά ἔχωσιν ἐν ὑπόψει τούς ὅρους τοῦ διαγωνισμοῦ ἂς ἀποταθῶσιν εἰς τό κατάστημα τοῦ κ. Σοφοῦ. Κωρ. Σαμαρᾶ ὁδός Ἱπποκράτους ἀριθ. 35, ἔνθα παρέλαβον μετ' ἐκμισθώσεως τό ἐνοίκιον τοῦ τριμήνου.

Ὁ διαγωνισμός θά γίνῃ ἐνώπιον ἐπιτροπῆς ἐκ τῶν κ.κ. Σπύρου Ἀντωνόπουλου, ἀπειλητῆς τῶν ἀνακτόρων, Κωνσταντίνου Μπέλλου Διευθυντῆς τοῦ Πρακτικοῦ Λυκείου, Ἀνδρέου Κοκκίνη Ἀρχιτέκτονος, Κωνστ. Βασιλοπούλου, Συντηρητοῦ τοῦ Κεντρικοῦ Γυμνασίου καί Χρήστου Καπογιάννη.

Οἱ διαγωνιζόμενοι θά ἐξελέγχωσι τά σχέδια καί θά ἀναδείχθωσιν ἐντός δύο ἑβδομάδων (7) Μαΐου.

ΑΝΤΙΦΑΛΑΚΡΙΝΗ
ΦΙΛΙΠΠΟΥ ΠΑΠΑΔΟΠΟΥΛΟΥ
Φαρμακοποιοῦ

Ἡ πολύτιμος αὕτη σκευασία ὄχι μόνον προλαμβάνει τήν κατάπτωσιν τῶν τριχῶν, ἀλλά ἐπιφέρει καί αὔξησιν τῆς κόμης των ταχέως.

ΓΕΝΙΚΗ ΑΠΟΘΗΚΗ
Παρά τῷ φαρμακοποιῷ Φιλίππῳ Παπαδοπούλῳ
ΕΞΑΡΧΕΙΑ

Ὁδός Σόλωνος καί Τρικούπη ἐν Ἀθήναις.

Ἐκάστη φιάλη δρ. 5. Εἰς τάς ἐπαρχίας ἀποστέλλεται ἀντί δρ. 6 καί εἰς τό ἐξωτερικόν ἀντί φράγκων χρυσῶν 6.

ΣΥΟΘΑΝΩΣΙΣ ΝΕΩΝ «ΓΟΥΔΗ»

Εἰς τό ἄνω φωματιστής κατάστημα εὑρίσκονται χρέα φρεσκότατα, οἶνος ἐκλεκτός καί κάθε ἀφέλιμον γευστικότατος. Κεῖται ἐπί τῆς μεγαλυτέρας ὁδοῦ τοῦ Γουδῆ. Περιποίησις ἄκρα καί καθαριότης.
